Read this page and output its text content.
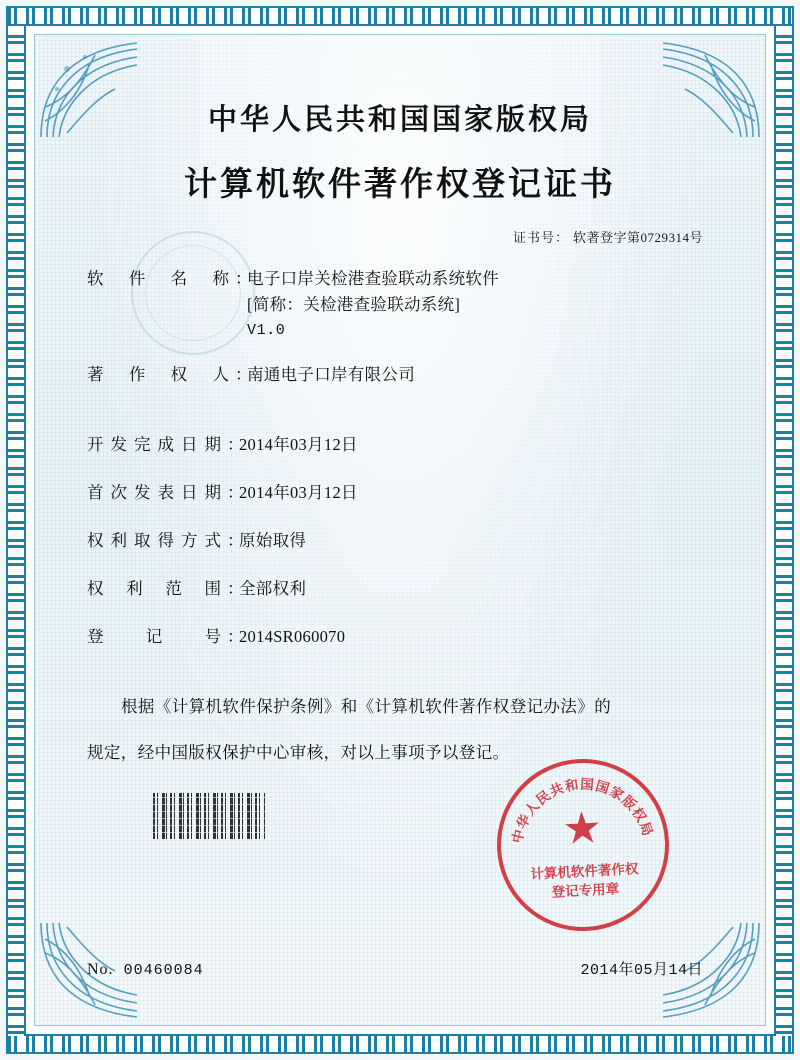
中华人民共和国国家版权局
计算机软件著作权登记证书
证书号： 软著登字第0729314号
软件名称 ：
电子口岸关检港查验联动系统软件
[简称：关检港查验联动系统]
V1.0
著作权人 ：
南通电子口岸有限公司
开发完成日期 ：
2014年03月12日
首次发表日期 ：
2014年03月12日
权利取得方式 ：
原始取得
权利范围 ：
全部权利
登记号 ：
2014SR060070
根据《计算机软件保护条例》和《计算机软件著作权登记办法》的
规定，经中国版权保护中心审核，对以上事项予以登记。
中华人民共和国国家版权局
★
计算机软件著作权
登记专用章
No. 00460084	2014年05月14日
